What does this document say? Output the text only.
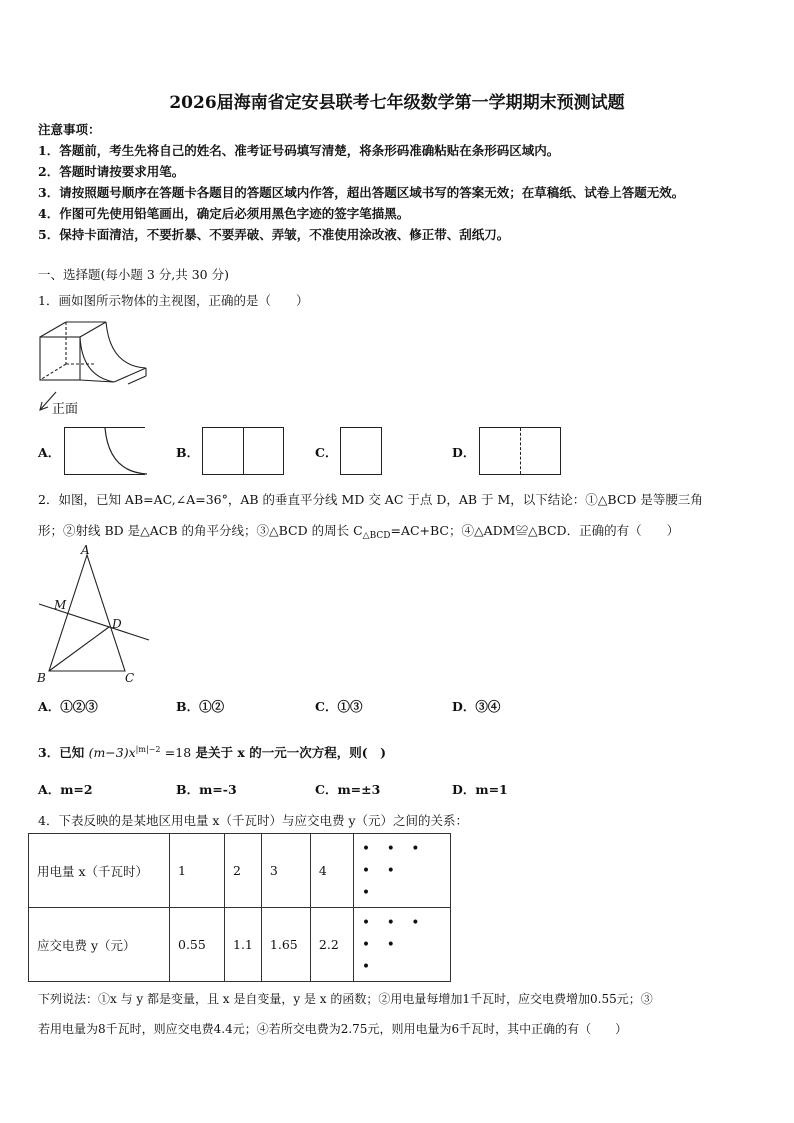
2026届海南省定安县联考七年级数学第一学期期末预测试题
注意事项：
1．答题前，考生先将自己的姓名、准考证号码填写清楚，将条形码准确粘贴在条形码区域内。
2．答题时请按要求用笔。
3．请按照题号顺序在答题卡各题目的答题区域内作答，超出答题区域书写的答案无效；在草稿纸、试卷上答题无效。
4．作图可先使用铅笔画出，确定后必须用黑色字迹的签字笔描黑。
5．保持卡面清洁，不要折暴、不要弄破、弄皱，不准使用涂改液、修正带、刮纸刀。
一、选择题(每小题 3 分,共 30 分)
1．画如图所示物体的主视图，正确的是（　　）
正面
A．	B．	C．	D．
2．如图，已知 AB=AC,∠A=36°，AB 的垂直平分线 MD 交 AC 于点 D，AB 于 M，以下结论：①△BCD 是等腰三角
形；②射线 BD 是△ACB 的角平分线；③△BCD 的周长 $C_{\triangle BCD}=AC+BC$；④△ADM≌△BCD．正确的有（　　）
A
M
D
B	C
A．①②③	B．①②	C．①③	D．③④
3．已知 $(m-3)x^{|m|-2} =18$ 是关于 x 的一元一次方程，则(　)
A．m=2	B．m=-3	C．m=±3	D．m=1
4．下表反映的是某地区用电量 x（千瓦时）与应交电费 y（元）之间的关系：
用电量 x（千瓦时）	1	2	3	4	• • • • •
•

应交电费 y（元）	0.55	1.1	1.65	2.2	• • • • •
•
下列说法：①x 与 y 都是变量，且 x 是自变量，y 是 x 的函数；②用电量每增加1千瓦时，应交电费增加0.55元；③
若用电量为8千瓦时，则应交电费4.4元；④若所交电费为2.75元，则用电量为6千瓦时，其中正确的有（　　）
